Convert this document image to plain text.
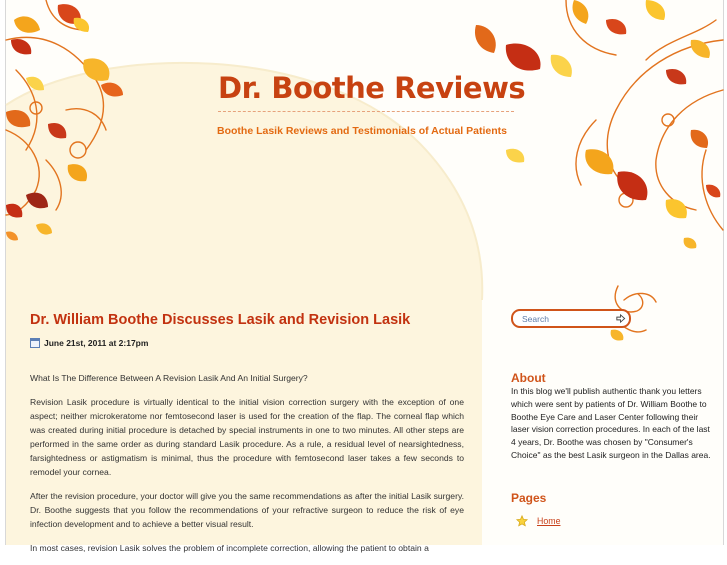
Dr. Boothe Reviews
Boothe Lasik Reviews and Testimonials of Actual Patients
Dr. William Boothe Discusses Lasik and Revision Lasik
June 21st, 2011 at 2:17pm

What Is The Difference Between A Revision Lasik And An Initial Surgery?

Revision Lasik procedure is virtually identical to the initial vision correction surgery with the exception of one aspect; neither microkeratome nor femtosecond laser is used for the creation of the flap. The corneal flap which was created during initial procedure is detached by special instruments in one to two minutes. All other steps are performed in the same order as during standard Lasik procedure. As a rule, a residual level of nearsightedness, farsightedness or astigmatism is minimal, thus the procedure with femtosecond laser takes a few seconds to remodel your cornea.

After the revision procedure, your doctor will give you the same recommendations as after the initial Lasik surgery. Dr. Boothe suggests that you follow the recommendations of your refractive surgeon to reduce the risk of eye infection development and to achieve a better visual result.

In most cases, revision Lasik solves the problem of incomplete correction, allowing the patient to obtain a

Search
About
In this blog we'll publish authentic thank you letters which were sent by patients of Dr. William Boothe to Boothe Eye Care and Laser Center following their laser vision correction procedures. In each of the last 4 years, Dr. Boothe was chosen by "Consumer's Choice" as the best Lasik surgeon in the Dallas area.
Pages
Home
